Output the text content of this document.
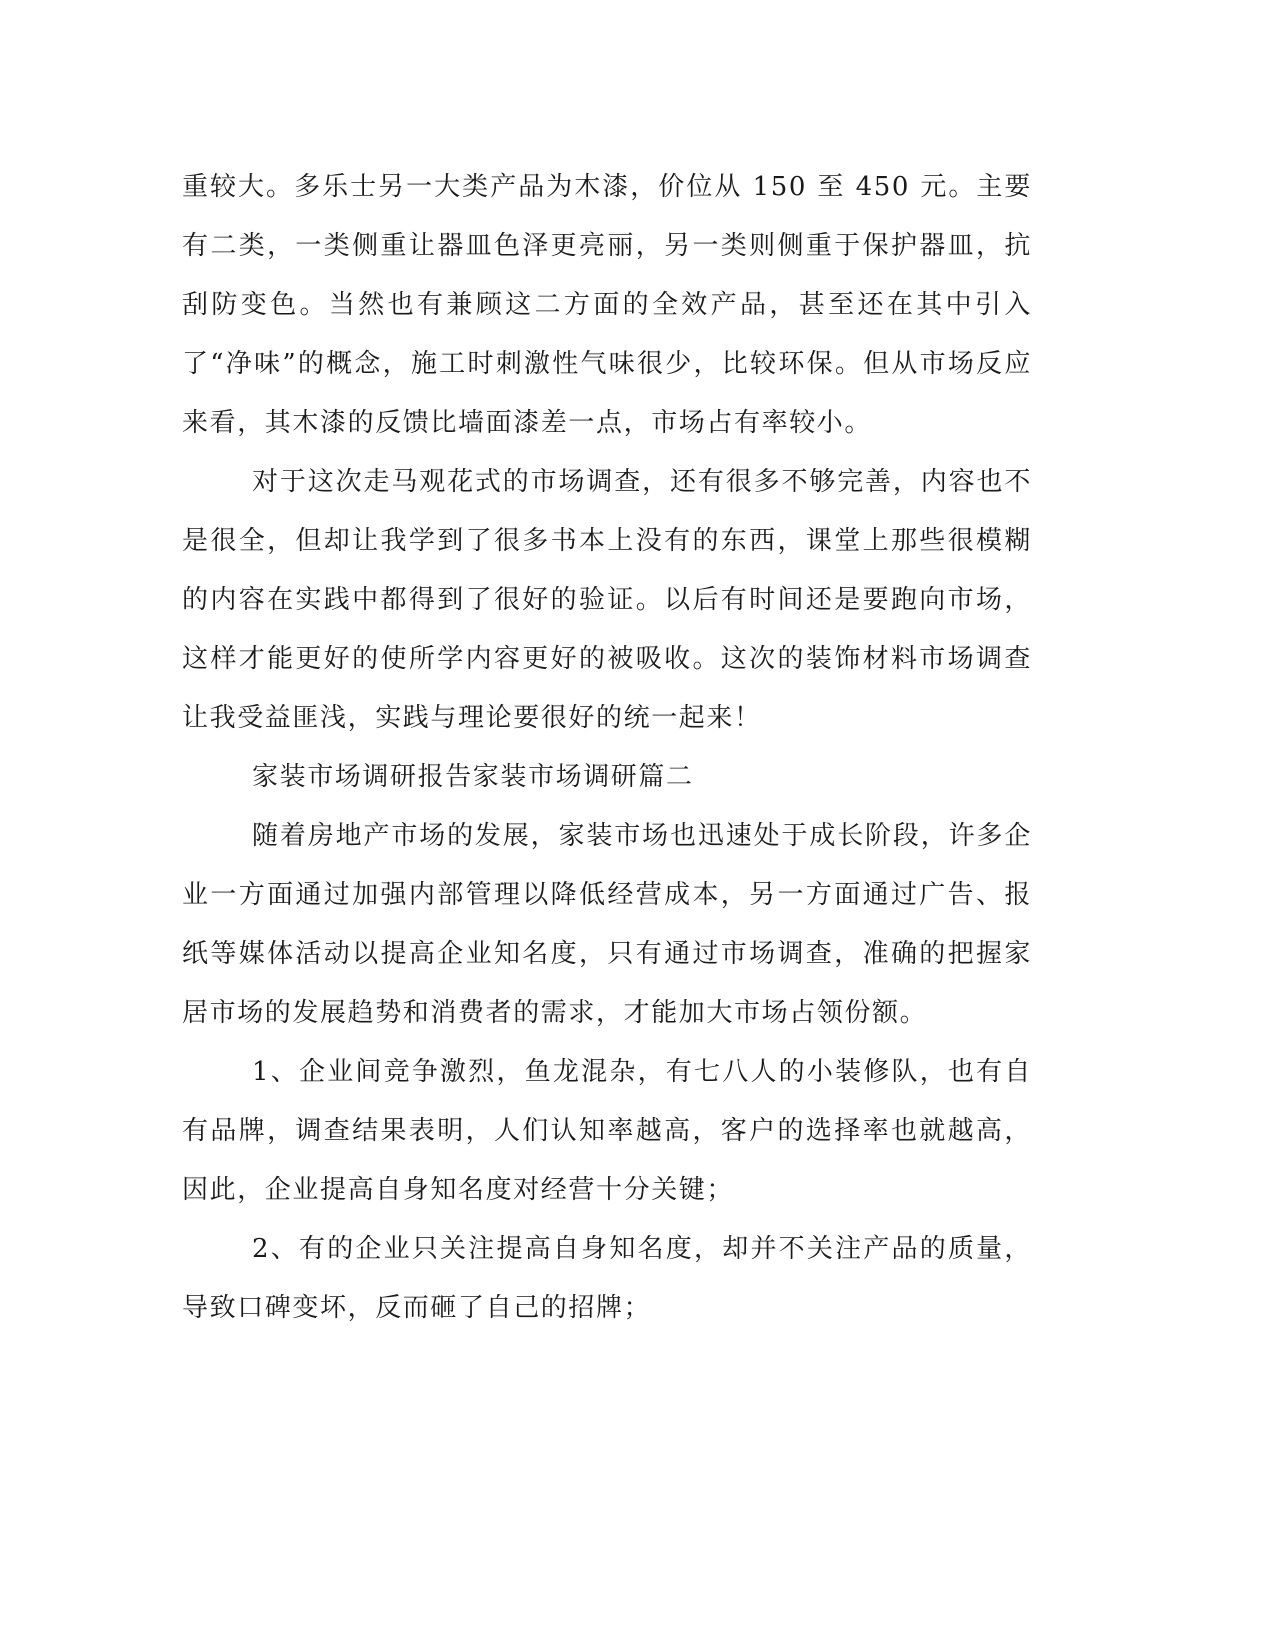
重较大。多乐士另一大类产品为木漆，价位从 150 至 450 元。主要有二类，一类侧重让器皿色泽更亮丽，另一类则侧重于保护器皿，抗刮防变色。当然也有兼顾这二方面的全效产品，甚至还在其中引入了“净味”的概念，施工时刺激性气味很少，比较环保。但从市场反应来看，其木漆的反馈比墙面漆差一点，市场占有率较小。

对于这次走马观花式的市场调查，还有很多不够完善，内容也不是很全，但却让我学到了很多书本上没有的东西，课堂上那些很模糊的内容在实践中都得到了很好的验证。以后有时间还是要跑向市场，这样才能更好的使所学内容更好的被吸收。这次的装饰材料市场调查让我受益匪浅，实践与理论要很好的统一起来！

家装市场调研报告家装市场调研篇二

随着房地产市场的发展，家装市场也迅速处于成长阶段，许多企业一方面通过加强内部管理以降低经营成本，另一方面通过广告、报纸等媒体活动以提高企业知名度，只有通过市场调查，准确的把握家居市场的发展趋势和消费者的需求，才能加大市场占领份额。

1、企业间竞争激烈，鱼龙混杂，有七八人的小装修队，也有自有品牌，调查结果表明，人们认知率越高，客户的选择率也就越高，因此，企业提高自身知名度对经营十分关键；

2、有的企业只关注提高自身知名度，却并不关注产品的质量，导致口碑变坏，反而砸了自己的招牌；
